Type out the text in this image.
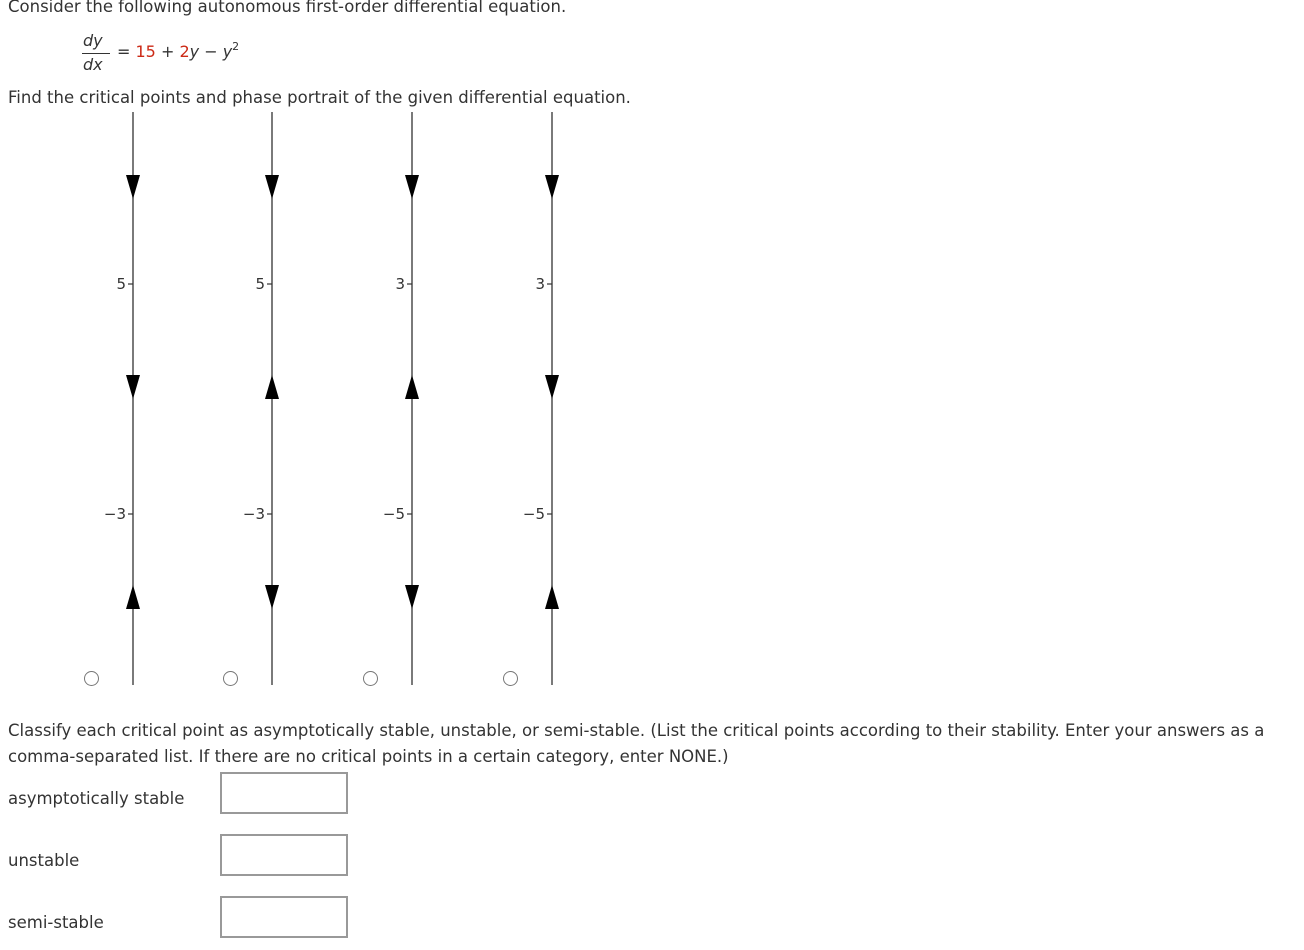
Consider the following autonomous first-order differential equation.
dy
dx
= $15 + 2y - y^2$
Find the critical points and phase portrait of the given differential equation.
5
−3
5
−3
3
−5
3
−5
Classify each critical point as asymptotically stable, unstable, or semi-stable. (List the critical points according to their stability. Enter your answers as a comma-separated list. If there are no critical points in a certain category, enter NONE.)
asymptotically stable
unstable
semi-stable
